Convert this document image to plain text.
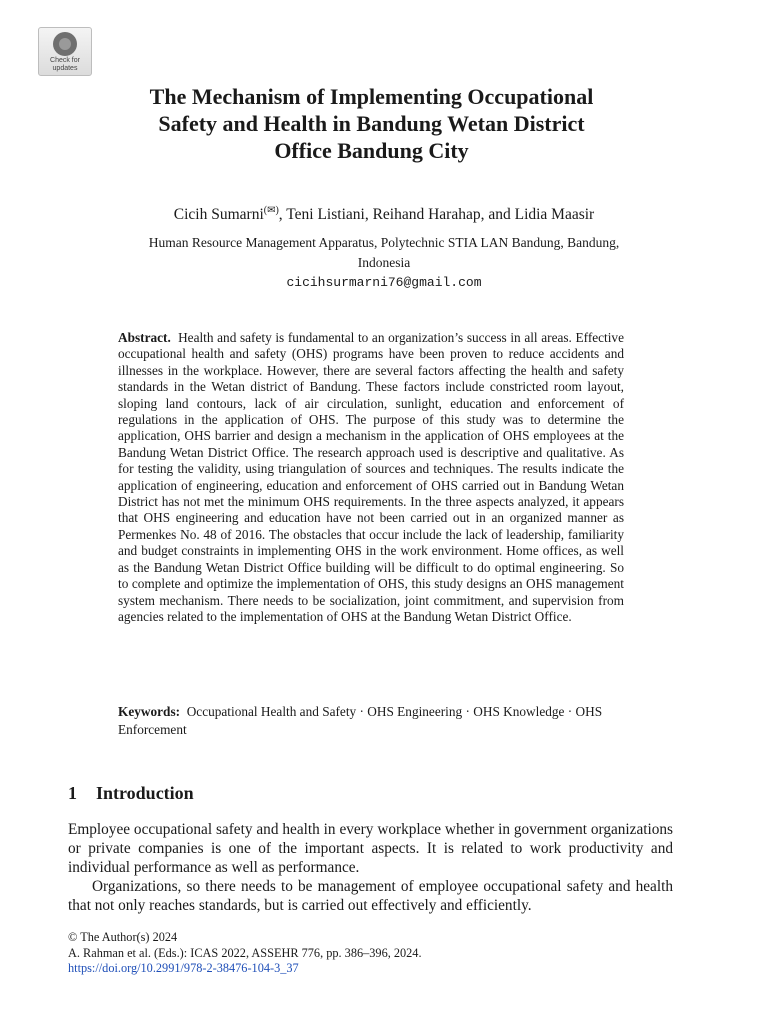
Check for
updates
The Mechanism of Implementing Occupational
Safety and Health in Bandung Wetan District
Office Bandung City
Cicih Sumarni(✉), Teni Listiani, Reihand Harahap, and Lidia Maasir
Human Resource Management Apparatus, Polytechnic STIA LAN Bandung, Bandung,
Indonesia
cicihsurmarni76@gmail.com

Abstract. Health and safety is fundamental to an organization’s success in all areas. Effective occupational health and safety (OHS) programs have been proven to reduce accidents and illnesses in the workplace. However, there are several factors affecting the health and safety standards in the Wetan district of Bandung. These factors include constricted room layout, sloping land contours, lack of air circulation, sunlight, education and enforcement of regulations in the application of OHS. The purpose of this study was to determine the application, OHS barrier and design a mechanism in the application of OHS employees at the Bandung Wetan District Office. The research approach used is descriptive and qualitative. As for testing the validity, using triangulation of sources and techniques. The results indicate the application of engineering, education and enforcement of OHS carried out in Bandung Wetan District has not met the minimum OHS requirements. In the three aspects analyzed, it appears that OHS engineering and education have not been carried out in an organized manner as Permenkes No. 48 of 2016. The obstacles that occur include the lack of leadership, familiarity and budget constraints in implementing OHS in the work environment. Home offices, as well as the Bandung Wetan District Office building will be difficult to do optimal engineering. So to complete and optimize the implementation of OHS, this study designs an OHS management system mechanism. There needs to be socialization, joint commitment, and supervision from agencies related to the implementation of OHS at the Bandung Wetan District Office.

Keywords: Occupational Health and Safety · OHS Engineering · OHS Knowledge · OHS Enforcement

1 Introduction

Employee occupational safety and health in every workplace whether in government organizations or private companies is one of the important aspects. It is related to work productivity and individual performance as well as performance.

Organizations, so there needs to be management of employee occupational safety and health that not only reaches standards, but is carried out effectively and efficiently.

© The Author(s) 2024
A. Rahman et al. (Eds.): ICAS 2022, ASSEHR 776, pp. 386–396, 2024.
https://doi.org/10.2991/978-2-38476-104-3_37
